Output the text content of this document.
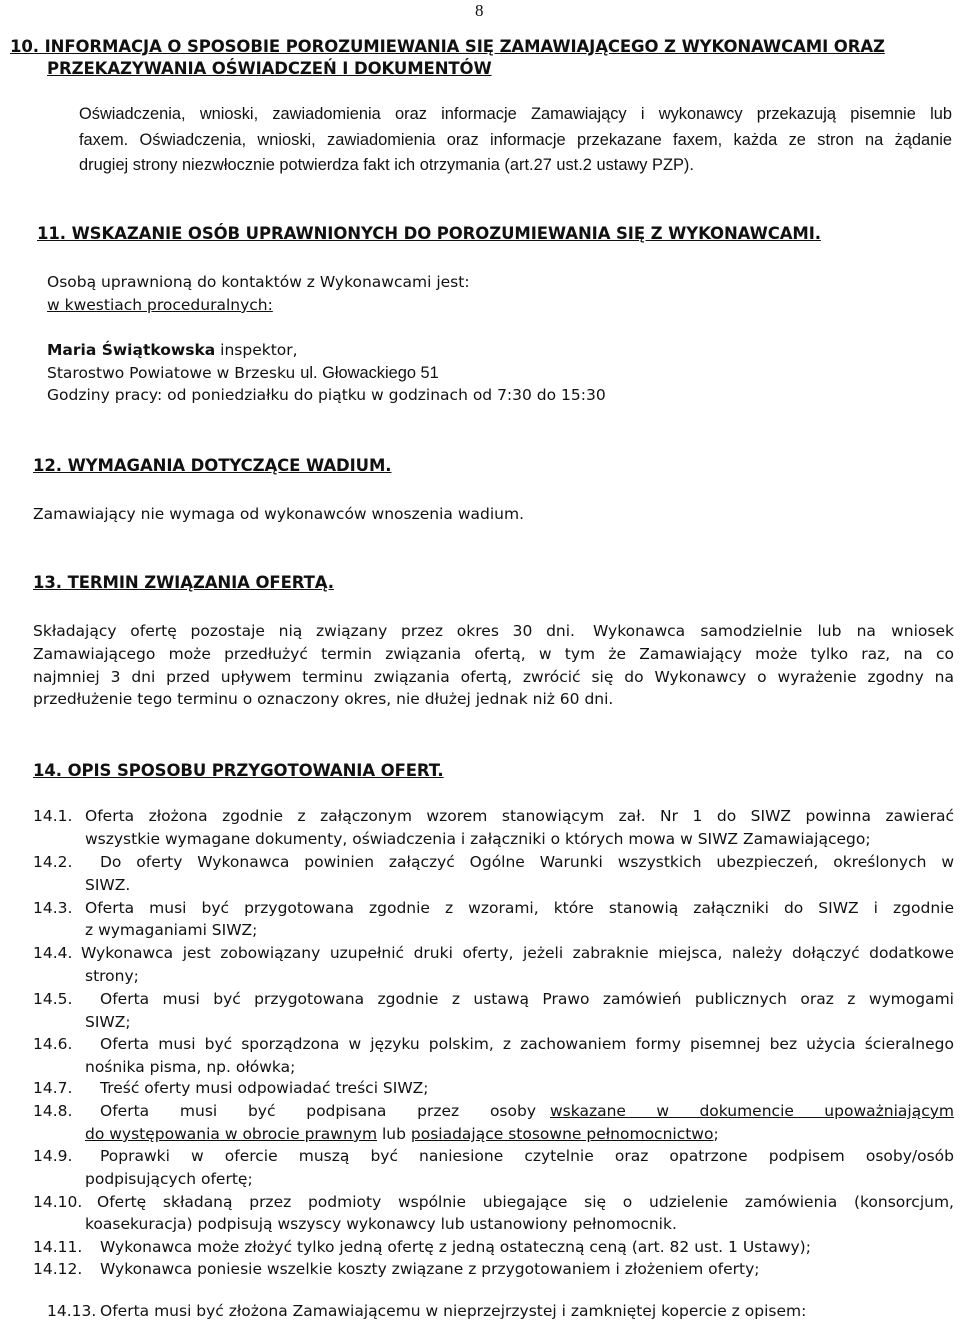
8
10. INFORMACJA O SPOSOBIE POROZUMIEWANIA SIĘ ZAMAWIAJĄCEGO Z WYKONAWCAMI ORAZ
PRZEKAZYWANIA OŚWIADCZEŃ I DOKUMENTÓW
Oświadczenia, wnioski, zawiadomienia oraz informacje Zamawiający i wykonawcy przekazują pisemnie lub
faxem. Oświadczenia, wnioski, zawiadomienia oraz informacje przekazane faxem, każda ze stron na żądanie
drugiej strony niezwłocznie potwierdza fakt ich otrzymania (art.27 ust.2 ustawy PZP).
11. WSKAZANIE OSÓB UPRAWNIONYCH DO POROZUMIEWANIA SIĘ Z WYKONAWCAMI.
Osobą uprawnioną do kontaktów z Wykonawcami jest:
w kwestiach proceduralnych:
Maria Świątkowska inspektor,
Starostwo Powiatowe w Brzesku ul. Głowackiego 51
Godziny pracy: od poniedziałku do piątku w godzinach od 7:30 do 15:30
12. WYMAGANIA DOTYCZĄCE WADIUM.
Zamawiający nie wymaga od wykonawców wnoszenia wadium.
13. TERMIN ZWIĄZANIA OFERTĄ.
Składający ofertę pozostaje nią związany przez okres 30 dni. Wykonawca samodzielnie lub na wniosek
Zamawiającego może przedłużyć termin związania ofertą, w tym że Zamawiający może tylko raz, na co
najmniej 3 dni przed upływem terminu związania ofertą, zwrócić się do Wykonawcy o wyrażenie zgodny na
przedłużenie tego terminu o oznaczony okres, nie dłużej jednak niż 60 dni.
14. OPIS SPOSOBU PRZYGOTOWANIA OFERT.
14.1. Oferta złożona zgodnie z załączonym wzorem stanowiącym zał. Nr 1 do SIWZ powinna zawierać
wszystkie wymagane dokumenty, oświadczenia i załączniki o których mowa w SIWZ Zamawiającego;
14.2. Do oferty Wykonawca powinien załączyć Ogólne Warunki wszystkich ubezpieczeń, określonych w
SIWZ.
14.3. Oferta musi być przygotowana zgodnie z wzorami, które stanowią załączniki do SIWZ i zgodnie
z wymaganiami SIWZ;
14.4. Wykonawca jest zobowiązany uzupełnić druki oferty, jeżeli zabraknie miejsca, należy dołączyć dodatkowe
strony;
14.5. Oferta musi być przygotowana zgodnie z ustawą Prawo zamówień publicznych oraz z wymogami
SIWZ;
14.6. Oferta musi być sporządzona w języku polskim, z zachowaniem formy pisemnej bez użycia ścieralnego
nośnika pisma, np. ołówka;
14.7. Treść oferty musi odpowiadać treści SIWZ;
14.8. Oferta musi być podpisana przez osoby wskazane w dokumencie upoważniającym
do występowania w obrocie prawnym lub posiadające stosowne pełnomocnictwo;
14.9. Poprawki w ofercie muszą być naniesione czytelnie oraz opatrzone podpisem osoby/osób
podpisujących ofertę;
14.10. Ofertę składaną przez podmioty wspólnie ubiegające się o udzielenie zamówienia (konsorcjum,
koasekuracja) podpisują wszyscy wykonawcy lub ustanowiony pełnomocnik.
14.11. Wykonawca może złożyć tylko jedną ofertę z jedną ostateczną ceną (art. 82 ust. 1 Ustawy);
14.12. Wykonawca poniesie wszelkie koszty związane z przygotowaniem i złożeniem oferty;
14.13. Oferta musi być złożona Zamawiającemu w nieprzejrzystej i zamkniętej kopercie z opisem:
